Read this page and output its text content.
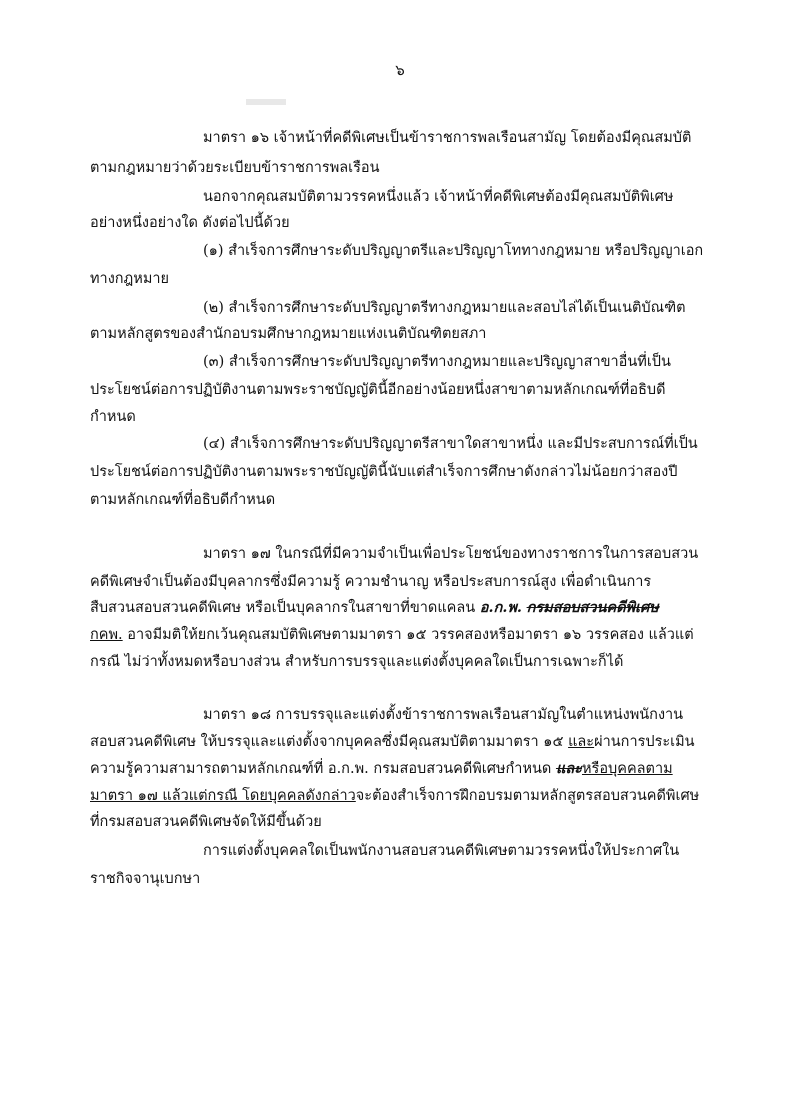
๖
มาตรา ๑๖ เจ้าหน้าที่คดีพิเศษเป็นข้าราชการพลเรือนสามัญ โดยต้องมีคุณสมบัติ
ตามกฎหมายว่าด้วยระเบียบข้าราชการพลเรือน
นอกจากคุณสมบัติตามวรรคหนึ่งแล้ว เจ้าหน้าที่คดีพิเศษต้องมีคุณสมบัติพิเศษ
อย่างหนึ่งอย่างใด ดังต่อไปนี้ด้วย
(๑) สำเร็จการศึกษาระดับปริญญาตรีและปริญญาโททางกฎหมาย หรือปริญญาเอก
ทางกฎหมาย
(๒) สำเร็จการศึกษาระดับปริญญาตรีทางกฎหมายและสอบไล่ได้เป็นเนติบัณฑิต
ตามหลักสูตรของสำนักอบรมศึกษากฎหมายแห่งเนติบัณฑิตยสภา
(๓) สำเร็จการศึกษาระดับปริญญาตรีทางกฎหมายและปริญญาสาขาอื่นที่เป็น
ประโยชน์ต่อการปฏิบัติงานตามพระราชบัญญัตินี้อีกอย่างน้อยหนึ่งสาขาตามหลักเกณฑ์ที่อธิบดี
กำหนด
(๔) สำเร็จการศึกษาระดับปริญญาตรีสาขาใดสาขาหนึ่ง และมีประสบการณ์ที่เป็น
ประโยชน์ต่อการปฏิบัติงานตามพระราชบัญญัตินี้นับแต่สำเร็จการศึกษาดังกล่าวไม่น้อยกว่าสองปี
ตามหลักเกณฑ์ที่อธิบดีกำหนด
มาตรา ๑๗ ในกรณีที่มีความจำเป็นเพื่อประโยชน์ของทางราชการในการสอบสวน
คดีพิเศษจำเป็นต้องมีบุคลากรซึ่งมีความรู้ ความชำนาญ หรือประสบการณ์สูง เพื่อดำเนินการ
สืบสวนสอบสวนคดีพิเศษ หรือเป็นบุคลากรในสาขาที่ขาดแคลน อ.ก.พ. กรมสอบสวนคดีพิเศษ
กคพ. อาจมีมติให้ยกเว้นคุณสมบัติพิเศษตามมาตรา ๑๕ วรรคสองหรือมาตรา ๑๖ วรรคสอง แล้วแต่
กรณี ไม่ว่าทั้งหมดหรือบางส่วน สำหรับการบรรจุและแต่งตั้งบุคคลใดเป็นการเฉพาะก็ได้
มาตรา ๑๘ การบรรจุและแต่งตั้งข้าราชการพลเรือนสามัญในตำแหน่งพนักงาน
สอบสวนคดีพิเศษ ให้บรรจุและแต่งตั้งจากบุคคลซึ่งมีคุณสมบัติตามมาตรา ๑๕ และผ่านการประเมิน
ความรู้ความสามารถตามหลักเกณฑ์ที่ อ.ก.พ. กรมสอบสวนคดีพิเศษกำหนด และหรือบุคคลตาม
มาตรา ๑๗ แล้วแต่กรณี โดยบุคคลดังกล่าวจะต้องสำเร็จการฝึกอบรมตามหลักสูตรสอบสวนคดีพิเศษ
ที่กรมสอบสวนคดีพิเศษจัดให้มีขึ้นด้วย
การแต่งตั้งบุคคลใดเป็นพนักงานสอบสวนคดีพิเศษตามวรรคหนึ่งให้ประกาศใน
ราชกิจจานุเบกษา
